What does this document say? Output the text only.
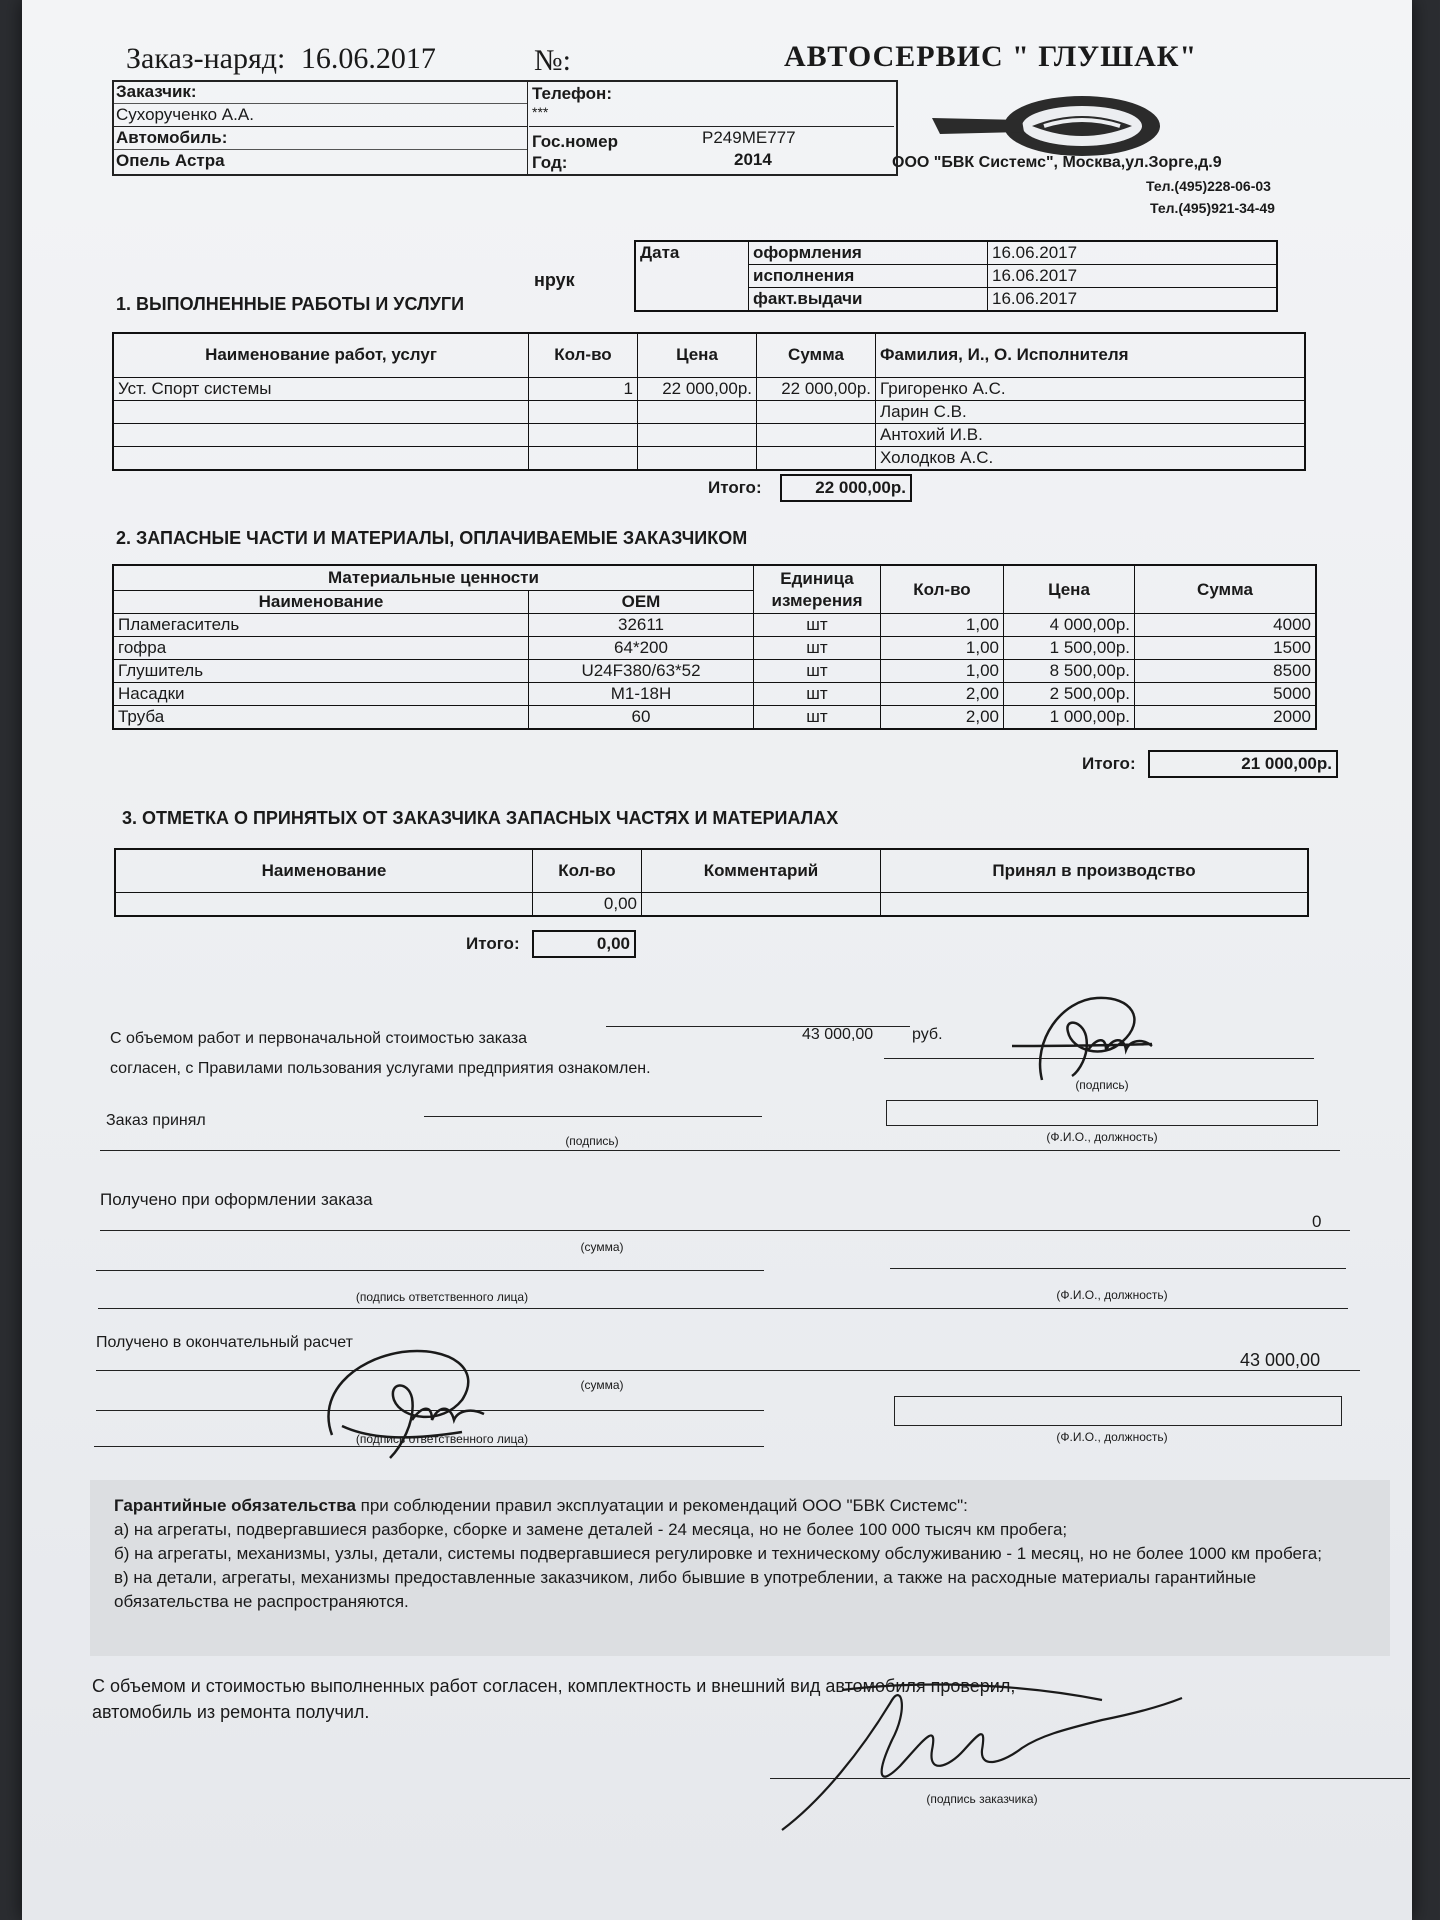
Заказ-наряд: 16.06.2017	№:	АВТОСЕРВИС " ГЛУШАК"
ООО "БВК Системс", Москва,ул.Зорге,д.9
Тел.(495)228-06-03
Тел.(495)921-34-49
Заказчик:
Сухорученко А.А.
Автомобиль:
Опель Астра
Телефон:
***
Гос.номер	Р249МЕ777
Год:	2014
Дата	оформления	16.06.2017
	исполнения	16.06.2017
	факт.выдачи	16.06.2017
нрук
1. ВЫПОЛНЕННЫЕ РАБОТЫ И УСЛУГИ
Наименование работ, услуг	Кол-во	Цена	Сумма	Фамилия, И., О. Исполнителя
Уст. Спорт системы	1	22 000,00р.	22 000,00р.	Григоренко А.С.
				Ларин С.В.
				Антохий И.В.
				Холодков А.С.
Итого:	22 000,00р.
2. ЗАПАСНЫЕ ЧАСТИ И МАТЕРИАЛЫ, ОПЛАЧИВАЕМЫЕ ЗАКАЗЧИКОМ
Материальные ценности		Единица измерения	Кол-во	Цена	Сумма
Наименование	OEM				
Пламегаситель	32611	шт	1,00	4 000,00р.	4000
гофра	64*200	шт	1,00	1 500,00р.	1500
Глушитель	U24F380/63*52	шт	1,00	8 500,00р.	8500
Насадки	M1-18H	шт	2,00	2 500,00р.	5000
Труба	60	шт	2,00	1 000,00р.	2000
Итого:	21 000,00р.
3. ОТМЕТКА О ПРИНЯТЫХ ОТ ЗАКАЗЧИКА ЗАПАСНЫХ ЧАСТЯХ И МАТЕРИАЛАХ
Наименование	Кол-во	Комментарий	Принял в производство
	0,00		
Итого:	0,00
С объемом работ и первоначальной стоимостью заказа	43 000,00 руб.
согласен, с Правилами пользования услугами предприятия ознакомлен.
(подпись)
Заказ принял
(подпись)	(Ф.И.О., должность)
Получено при оформлении заказа
0
(сумма)
(подпись ответственного лица)	(Ф.И.О., должность)
Получено в окончательный расчет
43 000,00
(сумма)
(подпись ответственного лица)	(Ф.И.О., должность)

Гарантийные обязательства при соблюдении правил эксплуатации и рекомендаций ООО "БВК Системс":

а) на агрегаты, подвергавшиеся разборке, сборке и замене деталей - 24 месяца, но не более 100 000 тысяч км пробега;

б) на агрегаты, механизмы, узлы, детали, системы подвергавшиеся регулировке и техническому обслуживанию - 1 месяц, но не более 1000 км пробега;

в) на детали, агрегаты, механизмы предоставленные заказчиком, либо бывшие в употреблении, а также на расходные материалы гарантийные обязательства не распространяются.

С объемом и стоимостью выполненных работ согласен, комплектность и внешний вид автомобиля проверил,
автомобиль из ремонта получил.
(подпись заказчика)
